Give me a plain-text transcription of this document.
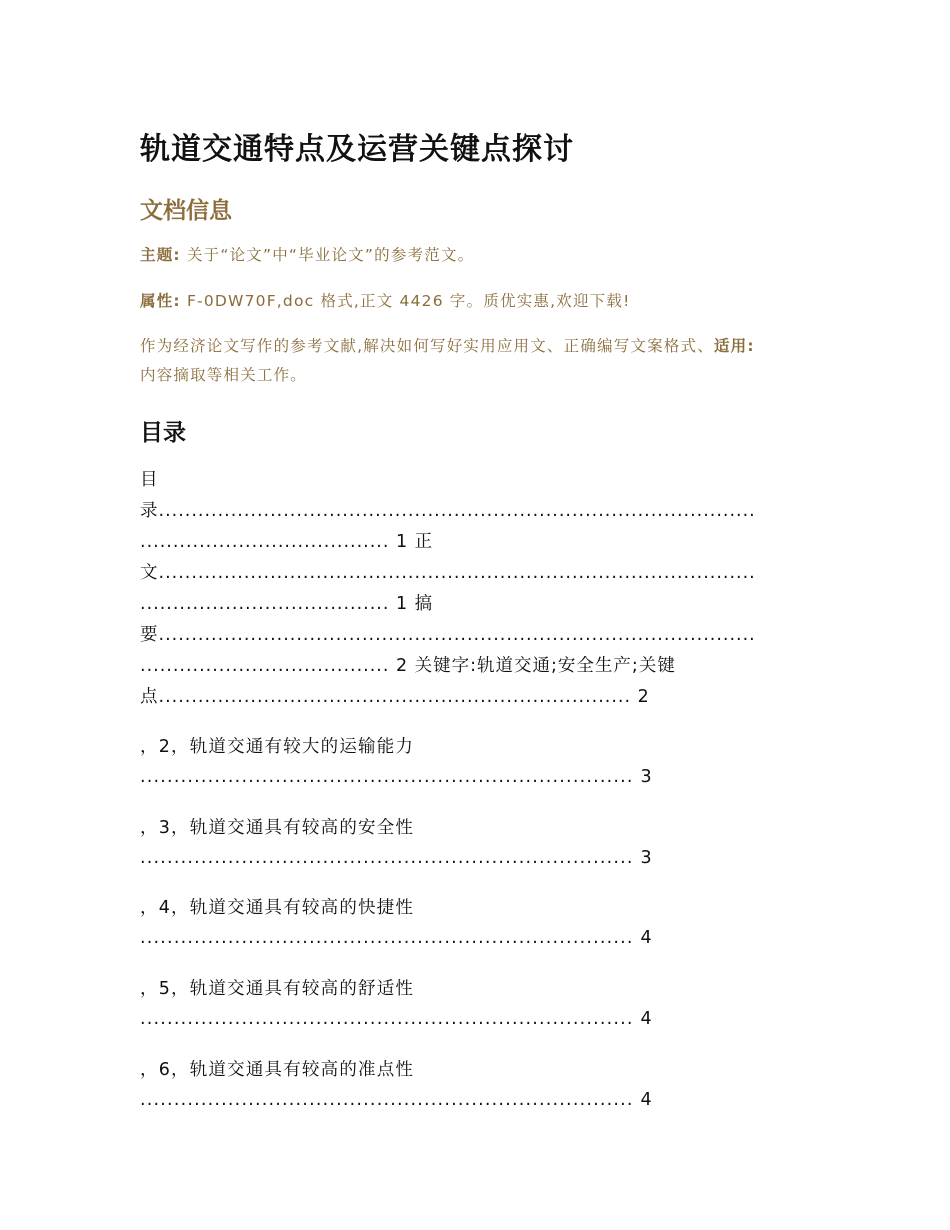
轨道交通特点及运营关键点探讨
文档信息
主题: 关于“论文”中“毕业论文”的参考范文。
属性: F-0DW70F,doc 格式,正文 4426 字。质优实惠,欢迎下载!
作为经济论文写作的参考文献,解决如何写好实用应用文、正确编写文案格式、适用:
内容摘取等相关工作。
目录
目
录...........................................................................................
...................................... 1 正
文...........................................................................................
...................................... 1 搞
要...........................................................................................
...................................... 2 关键字:轨道交通;安全生产;关键
点........................................................................ 2
，2，轨道交通有较大的运输能力
......................................................................... 3
，3，轨道交通具有较高的安全性
......................................................................... 3
，4，轨道交通具有较高的快捷性
......................................................................... 4
，5，轨道交通具有较高的舒适性
......................................................................... 4
，6，轨道交通具有较高的准点性
......................................................................... 4
